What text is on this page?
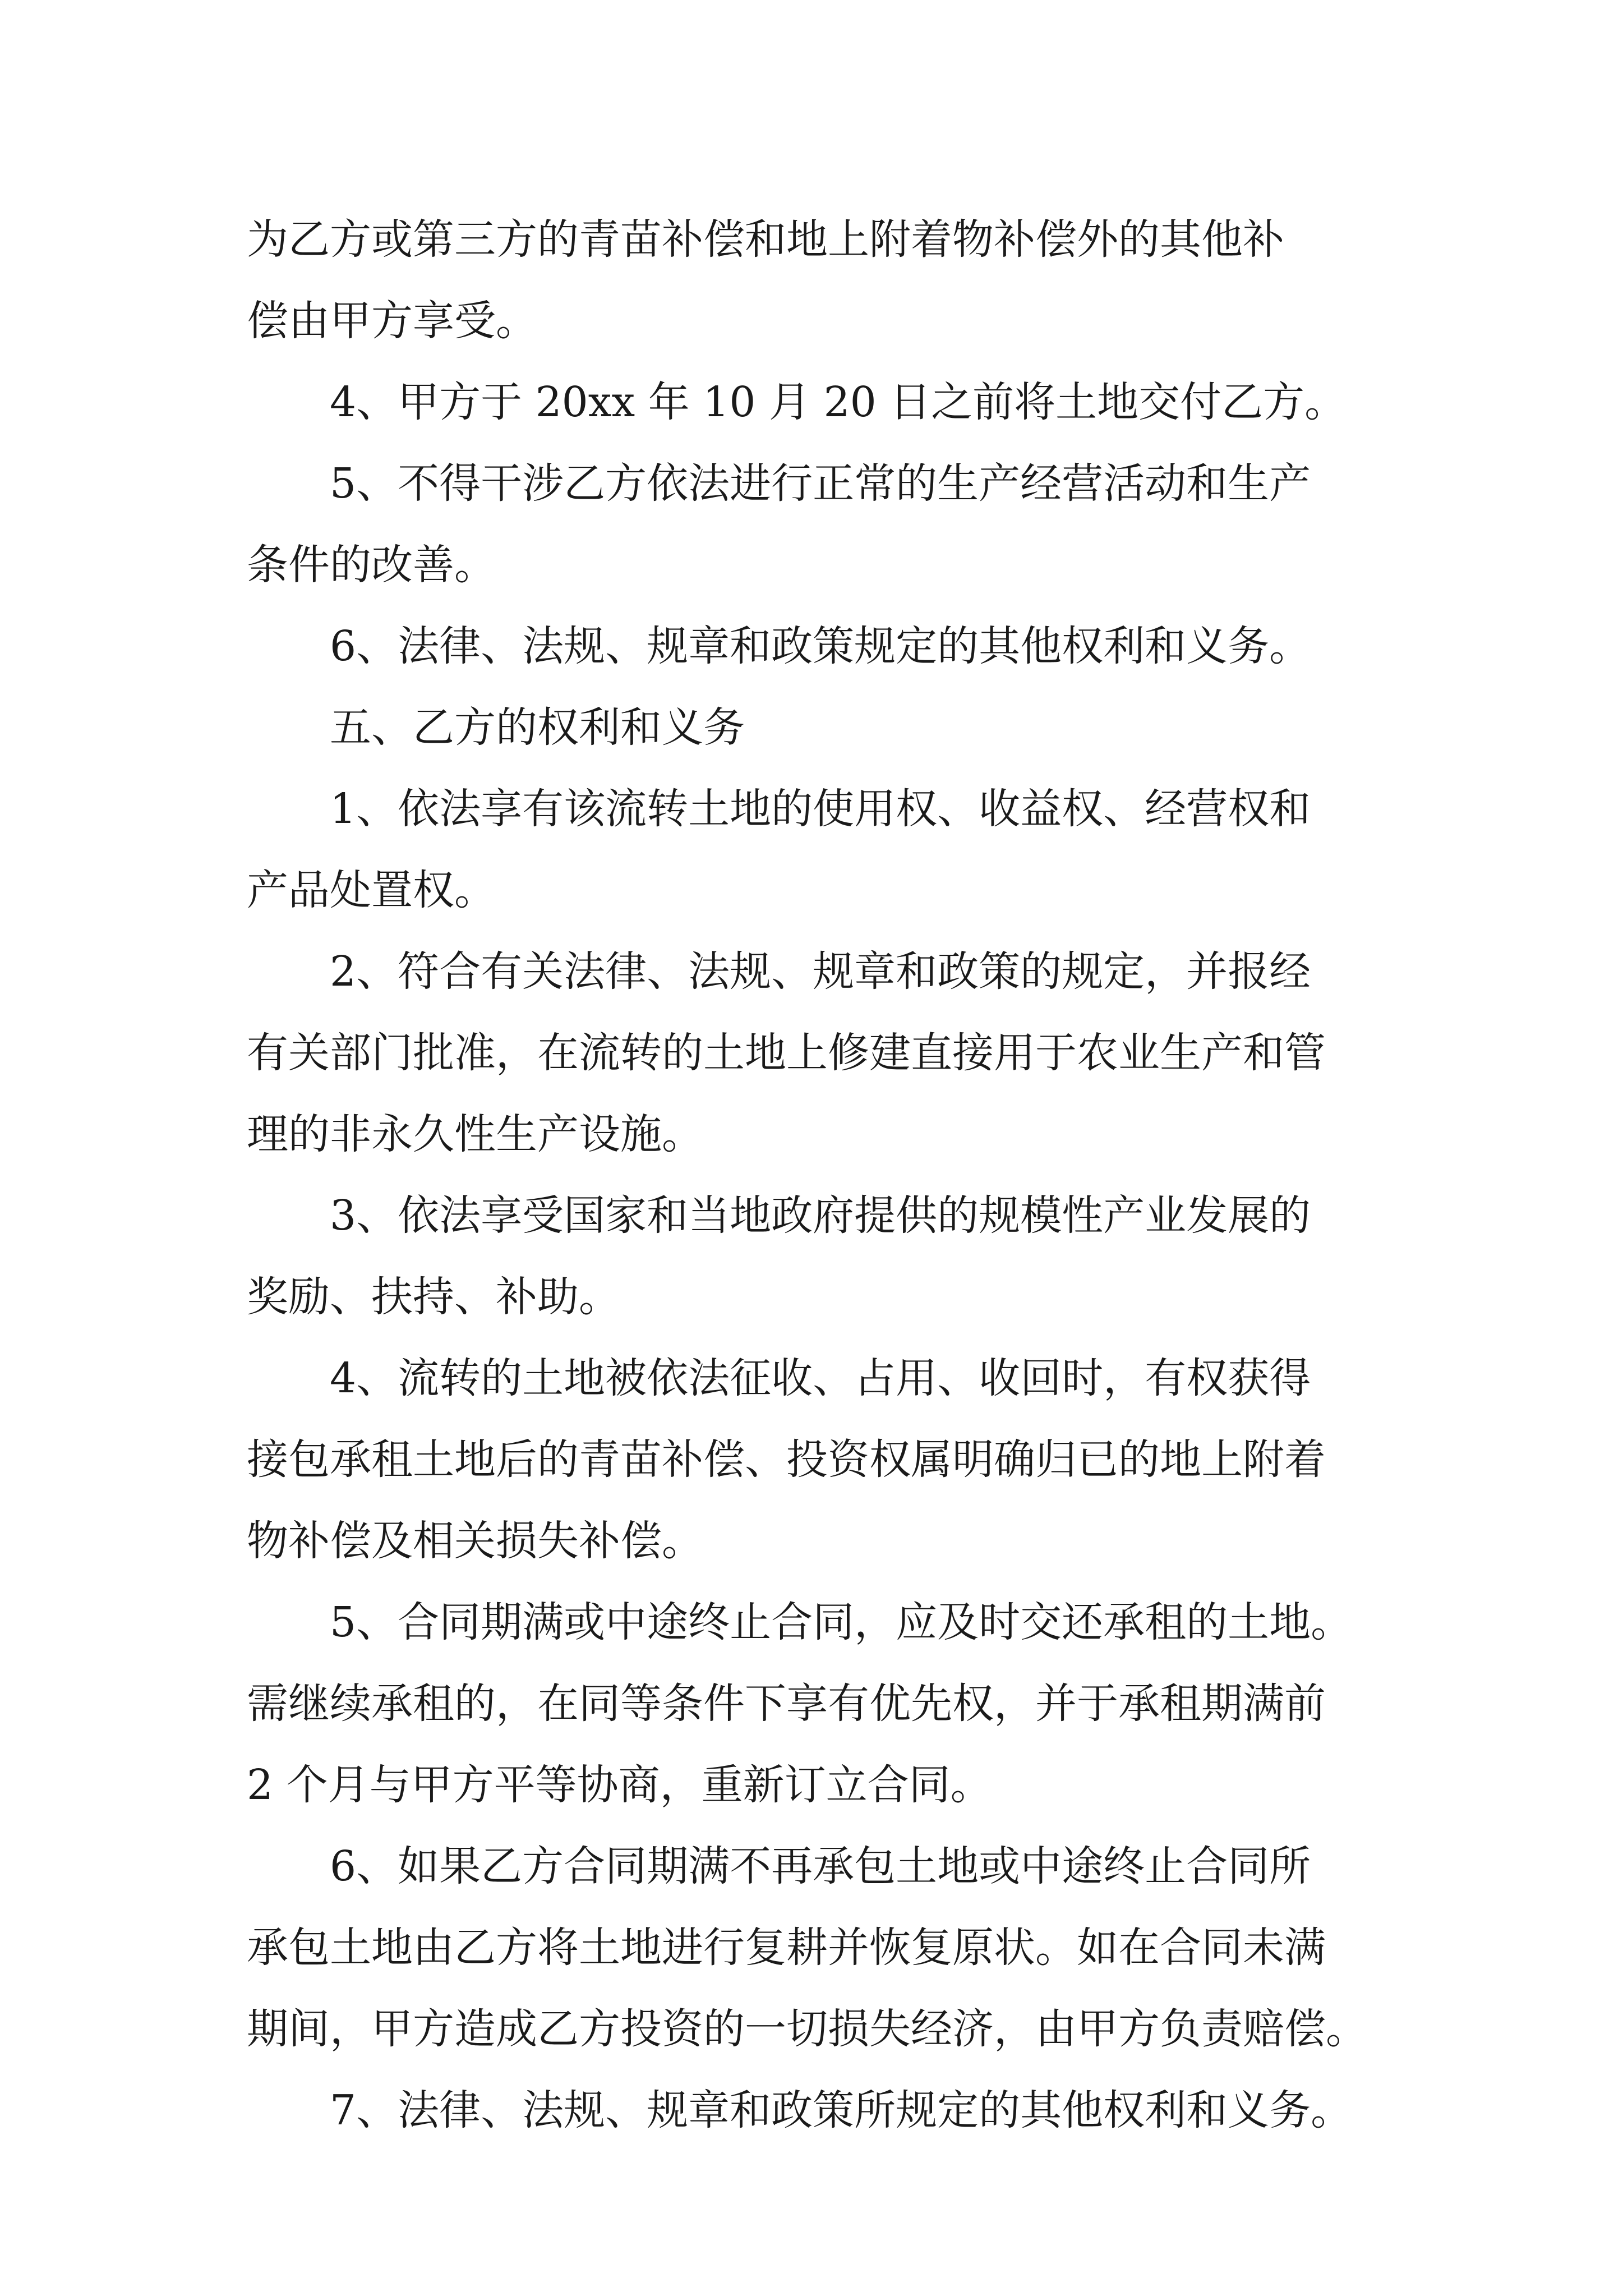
为乙方或第三方的青苗补偿和地上附着物补偿外的其他补
偿由甲方享受。
4、甲方于 20xx 年 10 月 20 日之前将土地交付乙方。
5、不得干涉乙方依法进行正常的生产经营活动和生产
条件的改善。
6、法律、法规、规章和政策规定的其他权利和义务。
五、乙方的权利和义务
1、依法享有该流转土地的使用权、收益权、经营权和
产品处置权。
2、符合有关法律、法规、规章和政策的规定，并报经
有关部门批准，在流转的土地上修建直接用于农业生产和管
理的非永久性生产设施。
3、依法享受国家和当地政府提供的规模性产业发展的
奖励、扶持、补助。
4、流转的土地被依法征收、占用、收回时，有权获得
接包承租土地后的青苗补偿、投资权属明确归已的地上附着
物补偿及相关损失补偿。
5、合同期满或中途终止合同，应及时交还承租的土地。
需继续承租的，在同等条件下享有优先权，并于承租期满前
2 个月与甲方平等协商，重新订立合同。
6、如果乙方合同期满不再承包土地或中途终止合同所
承包土地由乙方将土地进行复耕并恢复原状。如在合同未满
期间，甲方造成乙方投资的一切损失经济，由甲方负责赔偿。
7、法律、法规、规章和政策所规定的其他权利和义务。
